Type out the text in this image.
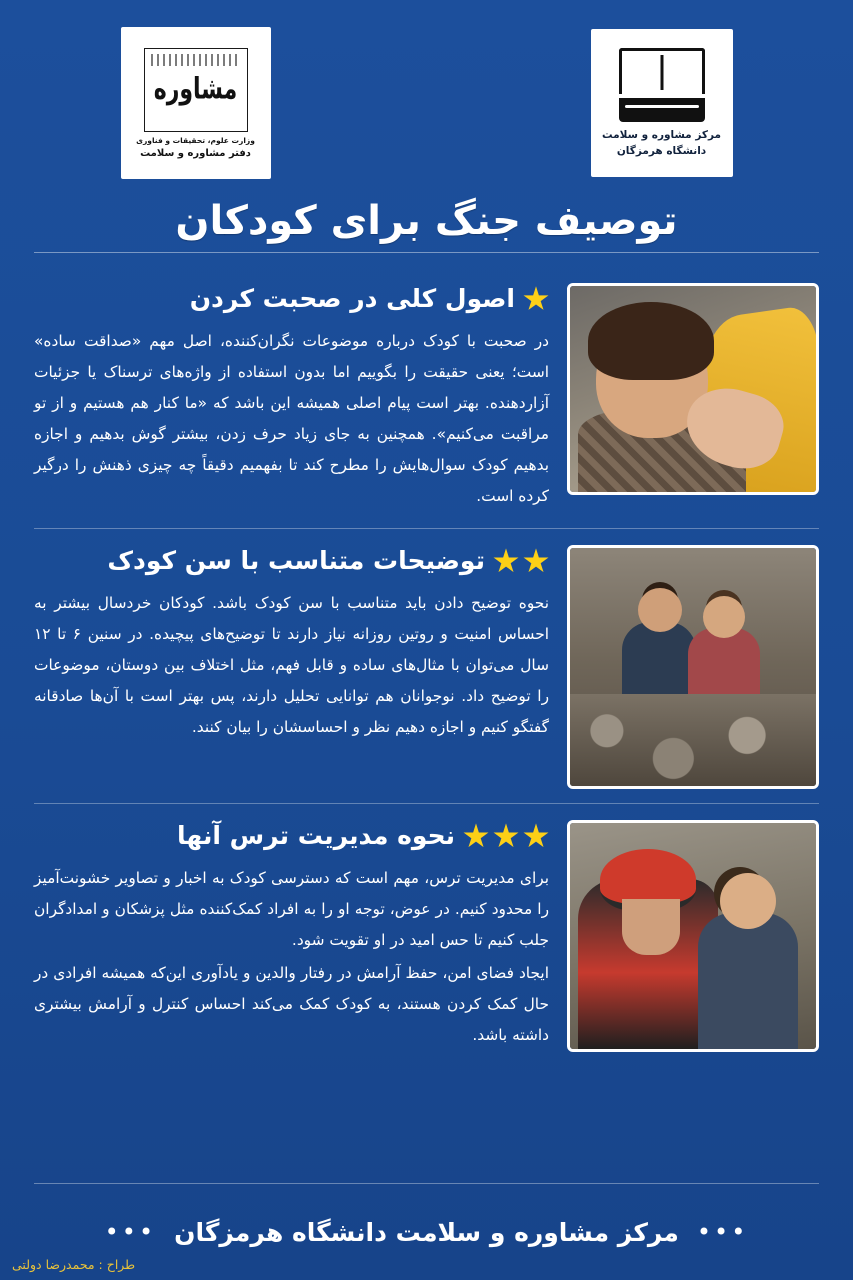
مرکز مشاوره و سلامت
دانشگاه هرمزگان
مشاوره
وزارت علوم، تحقیقات و فناوری
دفتر مشاوره و سلامت
توصیف جنگ برای کودکان
اصول کلی در صحبت کردن

در صحبت با کودک درباره موضوعات نگران‌کننده، اصل مهم «صداقت ساده» است؛ یعنی حقیقت را بگوییم اما بدون استفاده از واژه‌های ترسناک یا جزئیات آزاردهنده. بهتر است پیام اصلی همیشه این باشد که «ما کنار هم هستیم و از تو مراقبت می‌کنیم». همچنین به جای زیاد حرف زدن، بیشتر گوش بدهیم و اجازه بدهیم کودک سوال‌هایش را مطرح کند تا بفهمیم دقیقاً چه چیزی ذهنش را درگیر کرده است.

توضیحات متناسب با سن کودک

نحوه توضیح دادن باید متناسب با سن کودک باشد. کودکان خردسال بیشتر به احساس امنیت و روتین روزانه نیاز دارند تا توضیح‌های پیچیده. در سنین ۶ تا ۱۲ سال می‌توان با مثال‌های ساده و قابل فهم، مثل اختلاف بین دوستان، موضوعات را توضیح داد. نوجوانان هم توانایی تحلیل دارند، پس بهتر است با آن‌ها صادقانه گفتگو کنیم و اجازه دهیم نظر و احساسشان را بیان کنند.

نحوه مدیریت ترس آنها

برای مدیریت ترس، مهم است که دسترسی کودک به اخبار و تصاویر خشونت‌آمیز را محدود کنیم. در عوض، توجه او را به افراد کمک‌کننده مثل پزشکان و امدادگران جلب کنیم تا حس امید در او تقویت شود.

ایجاد فضای امن، حفظ آرامش در رفتار والدین و یادآوری این‌که همیشه افرادی در حال کمک کردن هستند، به کودک کمک می‌کند احساس کنترل و آرامش بیشتری داشته باشد.

•••
مرکز مشاوره و سلامت دانشگاه هرمزگان
•••
طراح : محمدرضا دولتی
